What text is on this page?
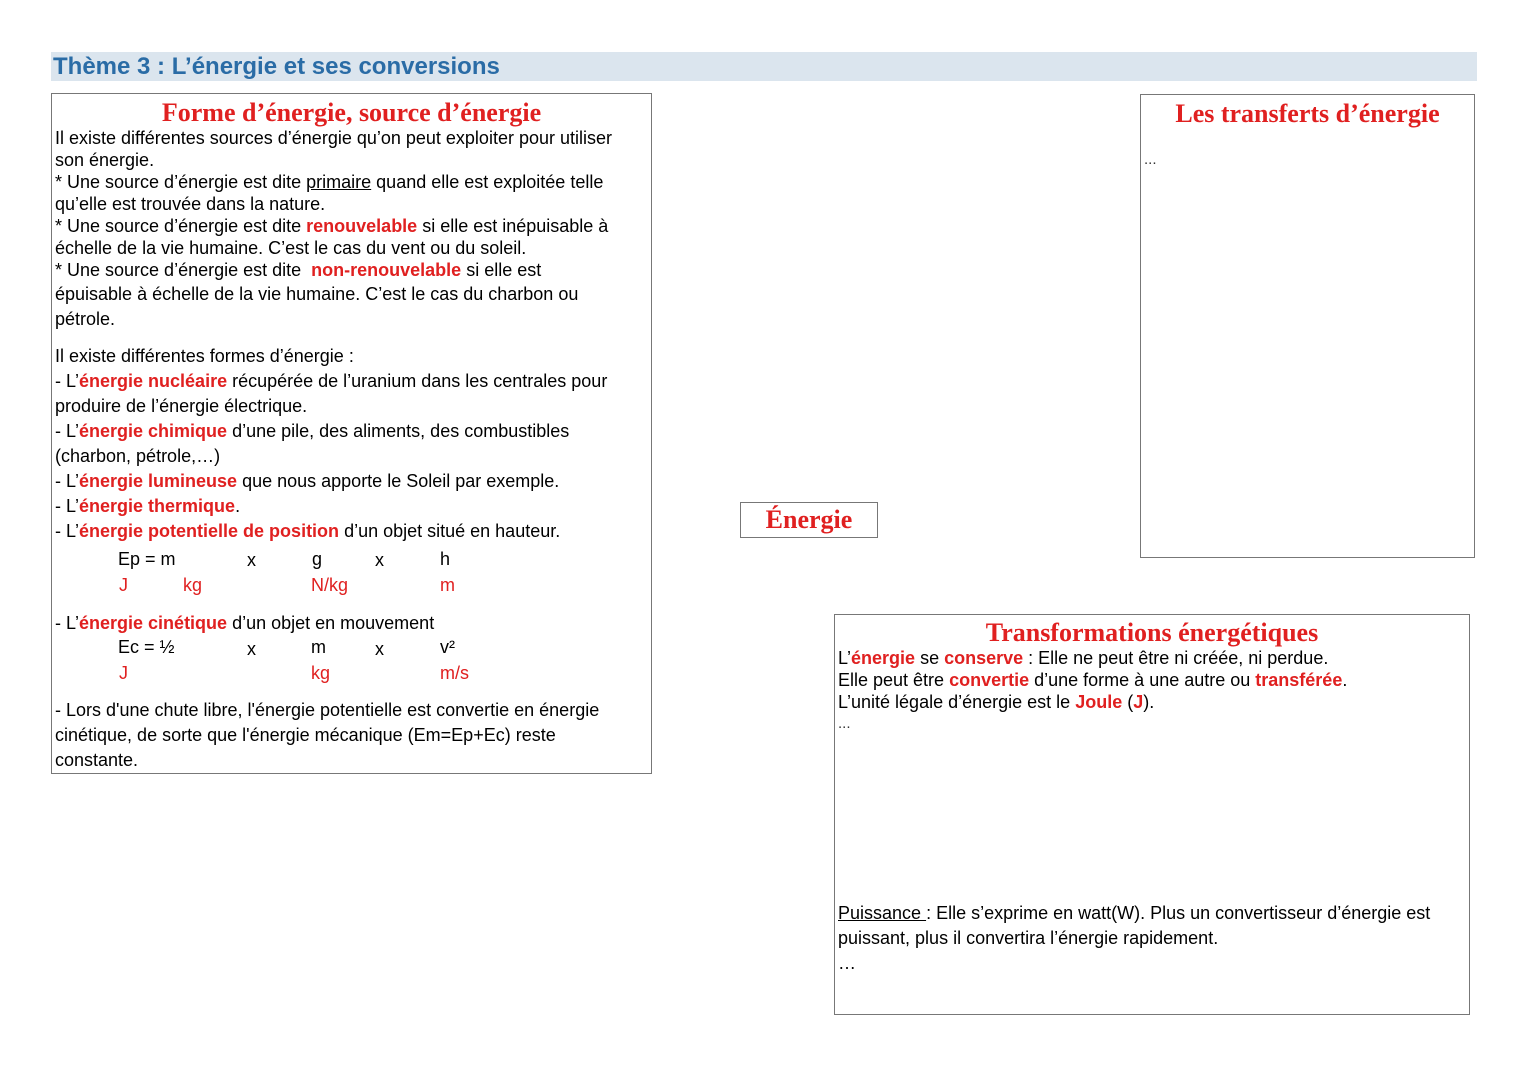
Thème 3 : L’énergie et ses conversions
Forme d’énergie, source d’énergie
Il existe différentes sources d’énergie qu’on peut exploiter pour utiliser
son énergie.
* Une source d’énergie est dite primaire quand elle est exploitée telle
qu’elle est trouvée dans la nature.
* Une source d’énergie est dite renouvelable si elle est inépuisable à
échelle de la vie humaine. C’est le cas du vent ou du soleil.
* Une source d’énergie est dite  non-renouvelable si elle est
épuisable à échelle de la vie humaine. C’est le cas du charbon ou
pétrole.
Il existe différentes formes d’énergie :
- L’énergie nucléaire récupérée de l’uranium dans les centrales pour
produire de l’énergie électrique.
- L’énergie chimique d’une pile, des aliments, des combustibles
(charbon, pétrole,…)
- L’énergie lumineuse que nous apporte le Soleil par exemple.
- L’énergie thermique.
- L’énergie potentielle de position d’un objet situé en hauteur.
Ep = m	x	g	x	h
J	kg	N/kg	m
- L’énergie cinétique d’un objet en mouvement
Ec = ½	x	m	x	v²
J	kg	m/s
- Lors d'une chute libre, l'énergie potentielle est convertie en énergie
cinétique, de sorte que l'énergie mécanique (Em=Ep+Ec) reste
constante.
Énergie
Les transferts d’énergie
...
Transformations énergétiques
L’énergie se conserve : Elle ne peut être ni créée, ni perdue.
Elle peut être convertie d’une forme à une autre ou transférée.
L’unité légale d’énergie est le Joule (J).
...
Puissance : Elle s’exprime en watt(W). Plus un convertisseur d’énergie est
puissant, plus il convertira l’énergie rapidement.
…
